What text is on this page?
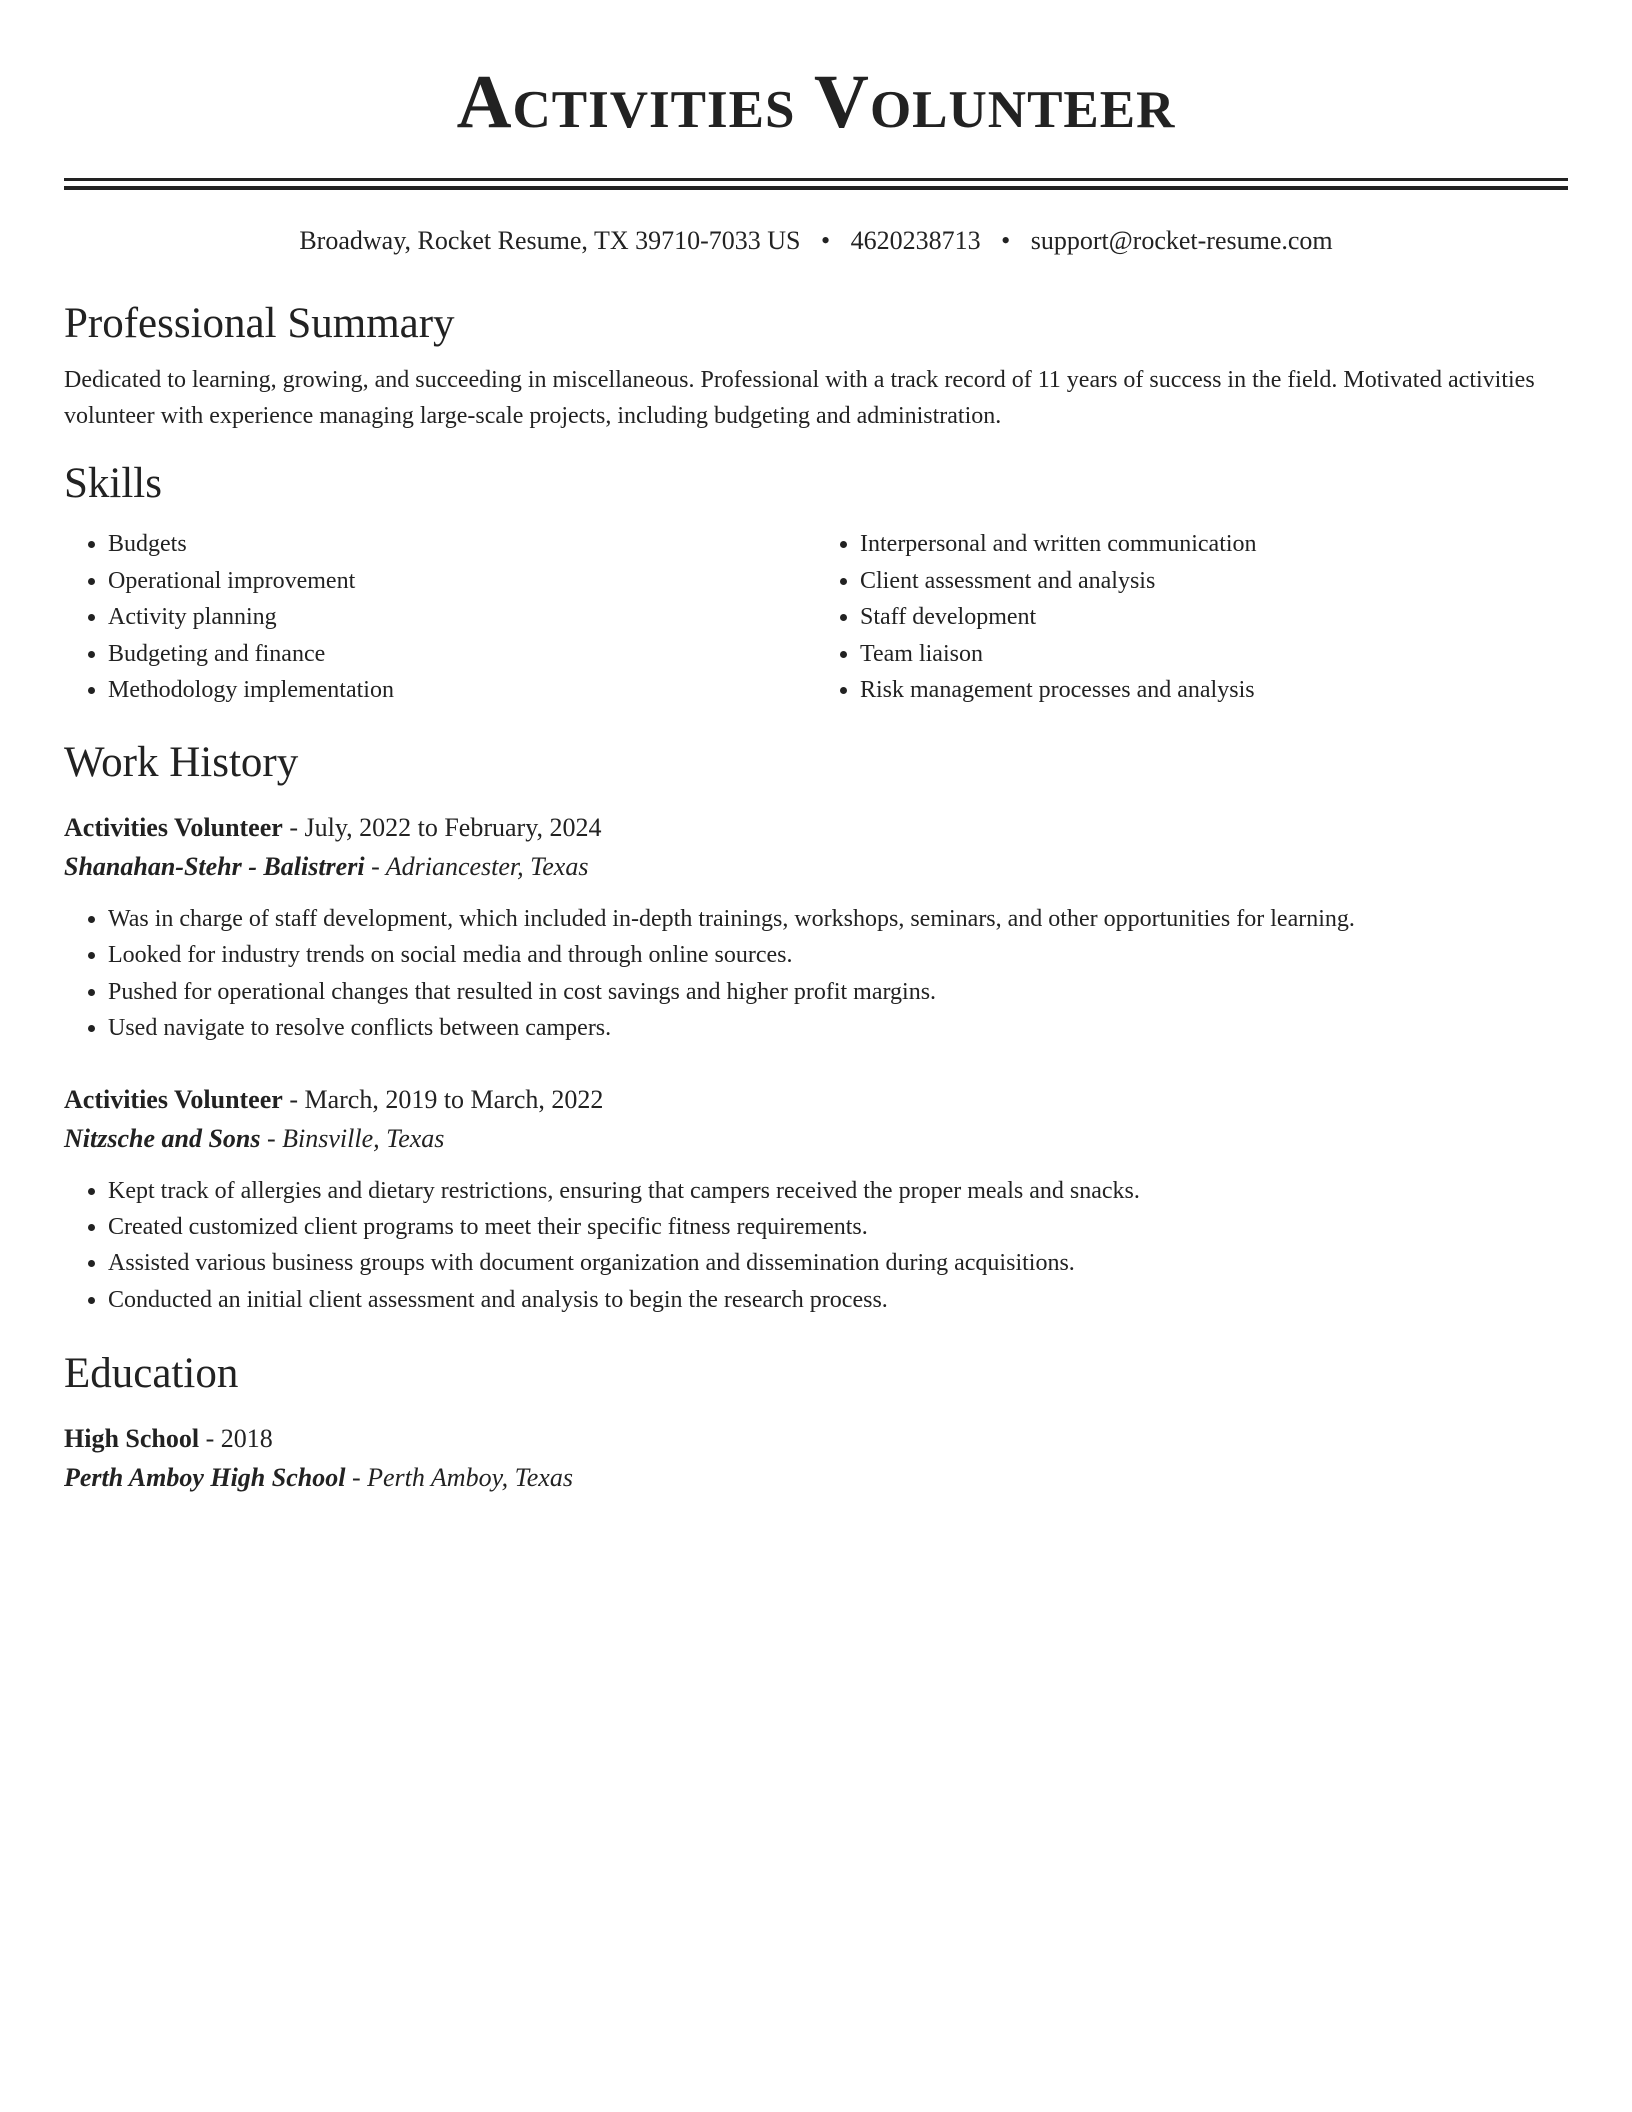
Activities Volunteer
Broadway, Rocket Resume, TX 39710-7033 US • 4620238713 • support@rocket-resume.com
Professional Summary

Dedicated to learning, growing, and succeeding in miscellaneous. Professional with a track record of 11 years of success in the field. Motivated activities volunteer with experience managing large-scale projects, including budgeting and administration.

Skills
• Budgets
• Operational improvement
• Activity planning
• Budgeting and finance
• Methodology implementation
• Interpersonal and written communication
• Client assessment and analysis
• Staff development
• Team liaison
• Risk management processes and analysis
Work History
Activities Volunteer - July, 2022 to February, 2024
Shanahan-Stehr - Balistreri - Adriancester, Texas
• Was in charge of staff development, which included in-depth trainings, workshops, seminars, and other opportunities for learning.
• Looked for industry trends on social media and through online sources.
• Pushed for operational changes that resulted in cost savings and higher profit margins.
• Used navigate to resolve conflicts between campers.
Activities Volunteer - March, 2019 to March, 2022
Nitzsche and Sons - Binsville, Texas
• Kept track of allergies and dietary restrictions, ensuring that campers received the proper meals and snacks.
• Created customized client programs to meet their specific fitness requirements.
• Assisted various business groups with document organization and dissemination during acquisitions.
• Conducted an initial client assessment and analysis to begin the research process.
Education
High School - 2018
Perth Amboy High School - Perth Amboy, Texas
